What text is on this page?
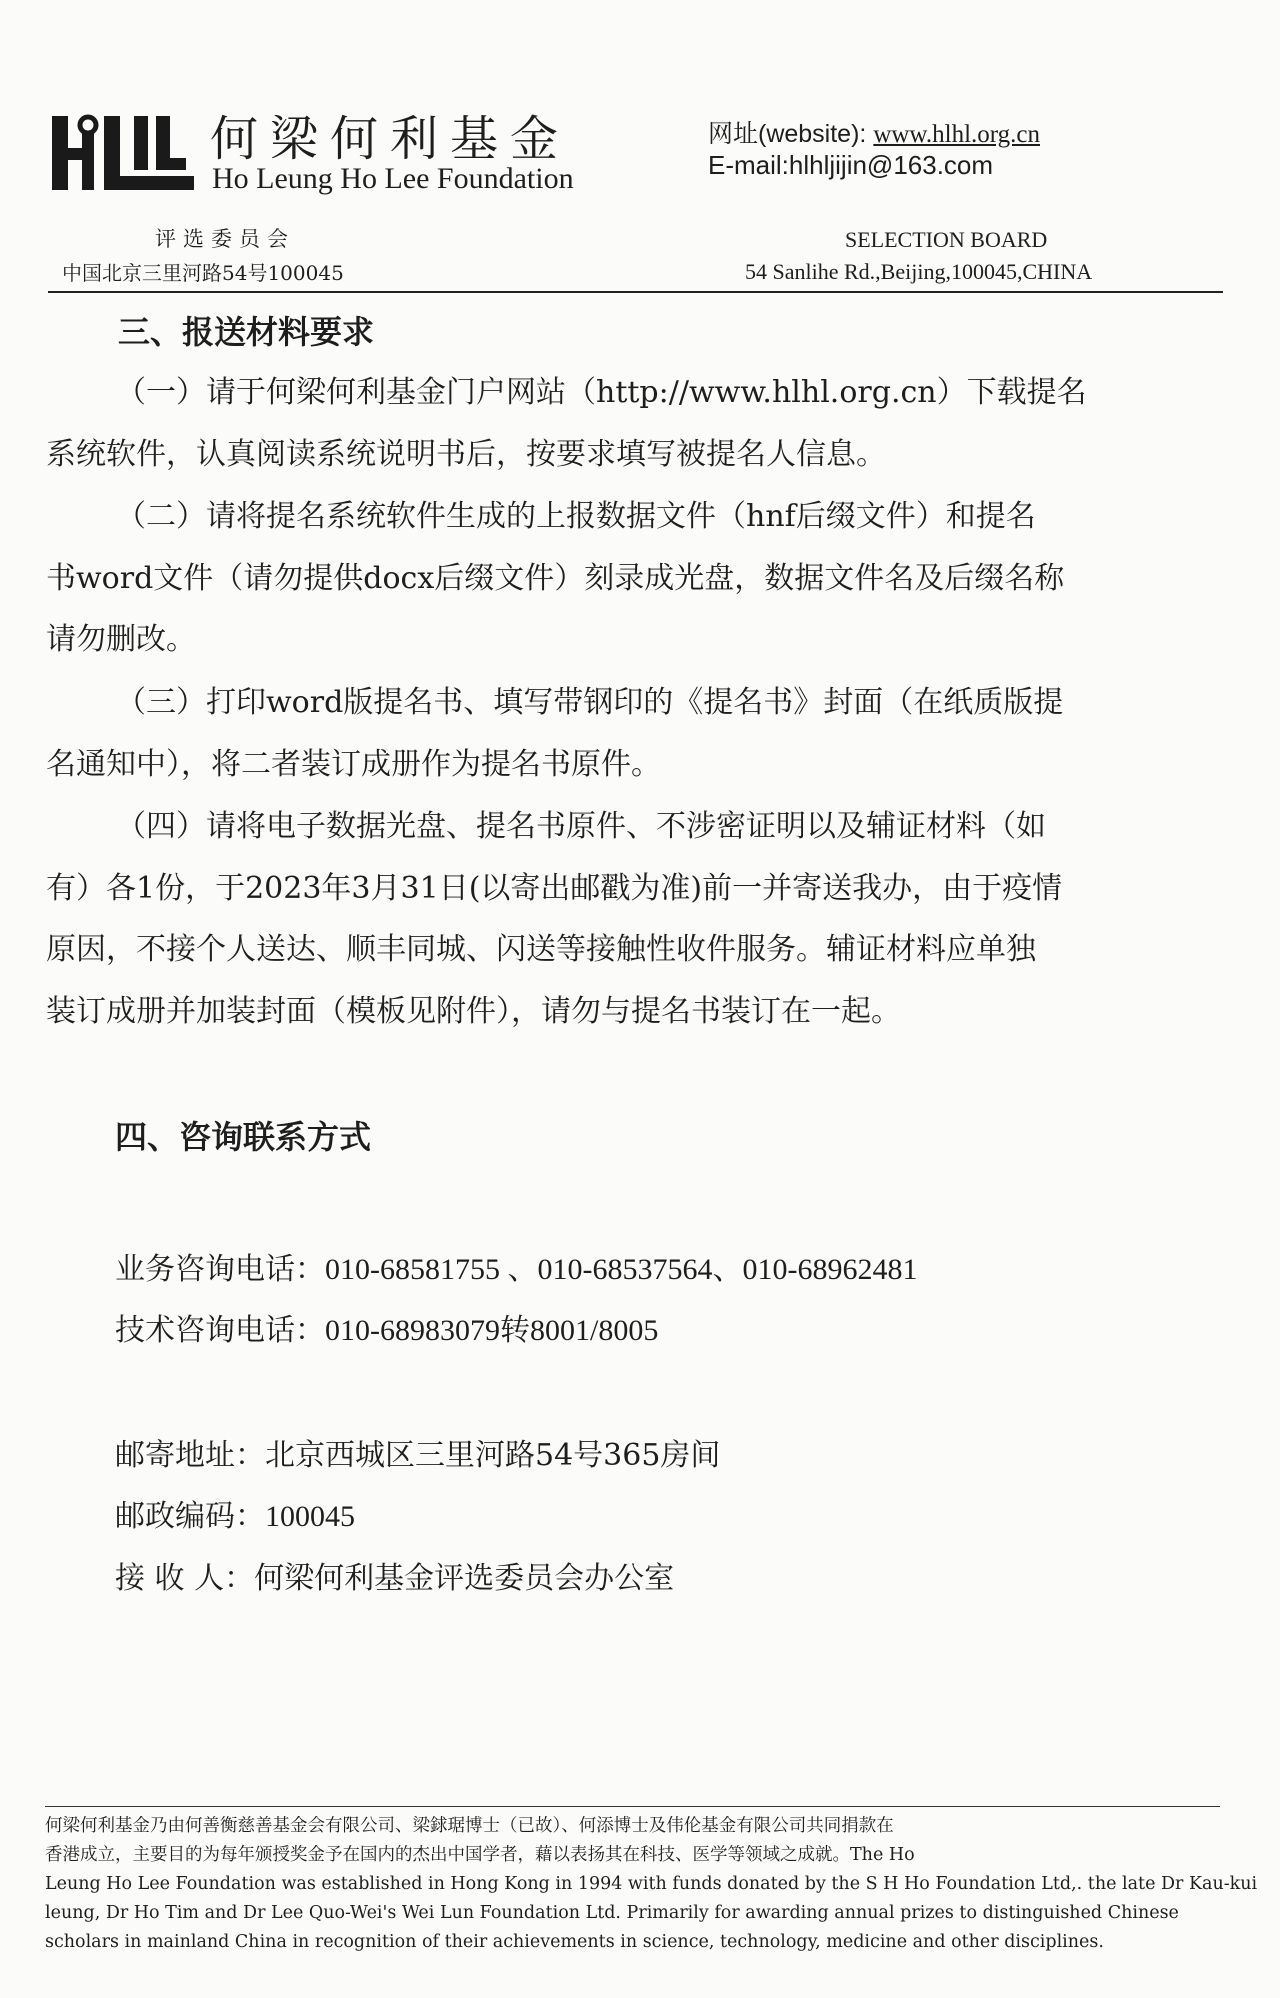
何梁何利基金
Ho Leung Ho Lee Foundation
网址(website): www.hlhl.org.cn
E-mail:hlhljijin@163.com
评选委员会
中国北京三里河路54号100045
SELECTION BOARD
54 Sanlihe Rd.,Beijing,100045,CHINA
三、报送材料要求
（一）请于何梁何利基金门户网站（http://www.hlhl.org.cn）下载提名
系统软件，认真阅读系统说明书后，按要求填写被提名人信息。
（二）请将提名系统软件生成的上报数据文件（hnf后缀文件）和提名
书word文件（请勿提供docx后缀文件）刻录成光盘，数据文件名及后缀名称
请勿删改。
（三）打印word版提名书、填写带钢印的《提名书》封面（在纸质版提
名通知中），将二者装订成册作为提名书原件。
（四）请将电子数据光盘、提名书原件、不涉密证明以及辅证材料（如
有）各1份，于2023年3月31日(以寄出邮戳为准)前一并寄送我办，由于疫情
原因，不接个人送达、顺丰同城、闪送等接触性收件服务。辅证材料应单独
装订成册并加装封面（模板见附件），请勿与提名书装订在一起。
四、咨询联系方式
业务咨询电话：010-68581755 、010-68537564、010-68962481
技术咨询电话：010-68983079转8001/8005
邮寄地址：北京西城区三里河路54号365房间
邮政编码：100045
接 收 人：何梁何利基金评选委员会办公室
何梁何利基金乃由何善衡慈善基金会有限公司、梁銶琚博士（已故）、何添博士及伟伦基金有限公司共同捐款在
香港成立，主要目的为每年颁授奖金予在国内的杰出中国学者，藉以表扬其在科技、医学等领域之成就。The Ho
Leung Ho Lee Foundation was established in Hong Kong in 1994 with funds donated by the S H Ho Foundation Ltd,. the late Dr Kau-kui
leung, Dr Ho Tim and Dr Lee Quo-Wei's Wei Lun Foundation Ltd. Primarily for awarding annual prizes to distinguished Chinese
scholars in mainland China in recognition of their achievements in science, technology, medicine and other disciplines.
